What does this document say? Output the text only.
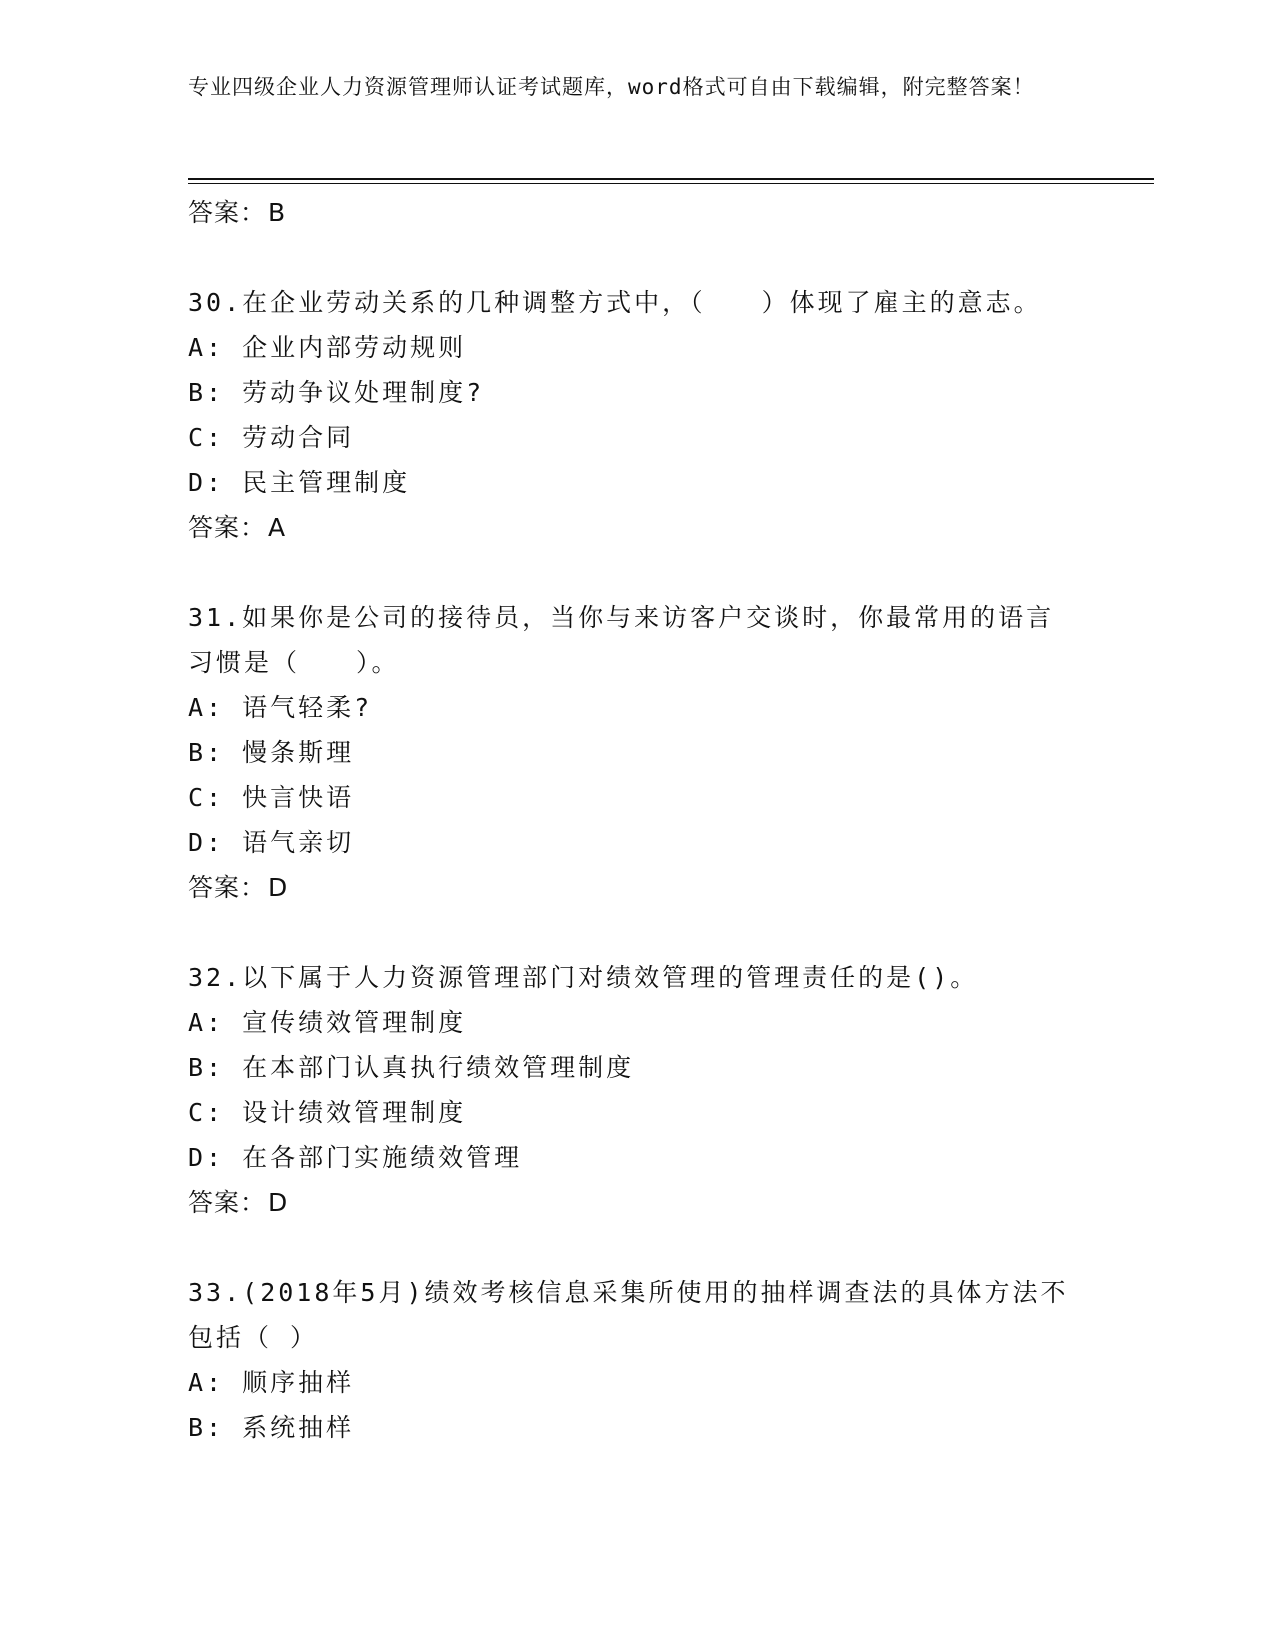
专业四级企业人力资源管理师认证考试题库，word格式可自由下载编辑，附完整答案！
答案：B
30.在企业劳动关系的几种调整方式中，（　　）体现了雇主的意志。
A: 企业内部劳动规则
B: 劳动争议处理制度?
C: 劳动合同
D: 民主管理制度
答案：A
31.如果你是公司的接待员，当你与来访客户交谈时，你最常用的语言
习惯是（　　）。
A: 语气轻柔?
B: 慢条斯理
C: 快言快语
D: 语气亲切
答案：D
32.以下属于人力资源管理部门对绩效管理的管理责任的是()。
A: 宣传绩效管理制度
B: 在本部门认真执行绩效管理制度
C: 设计绩效管理制度
D: 在各部门实施绩效管理
答案：D
33.(2018年5月)绩效考核信息采集所使用的抽样调查法的具体方法不
包括（ ）
A: 顺序抽样
B: 系统抽样
